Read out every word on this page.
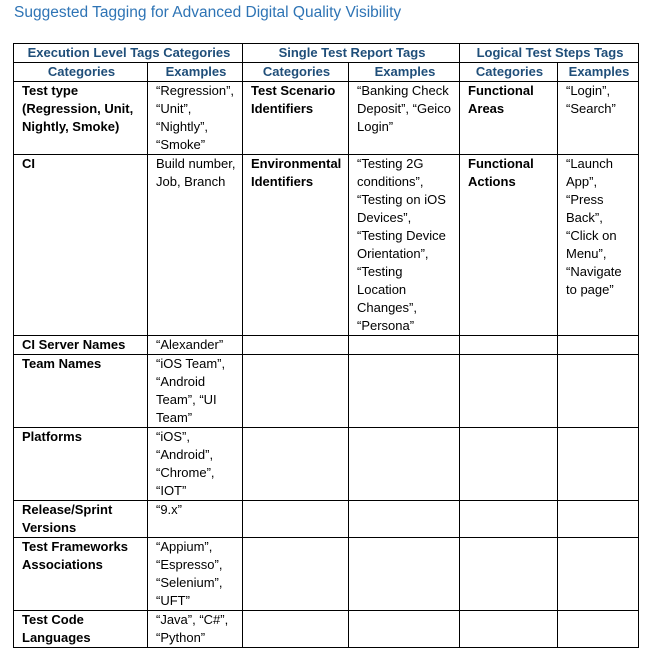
Suggested Tagging for Advanced Digital Quality Visibility
Execution Level Tags Categories		Single Test Report Tags		Logical Test Steps Tags	
Categories	Examples	Categories	Examples	Categories	Examples
Test type (Regression, Unit, Nightly, Smoke)	“Regression”, “Unit”, “Nightly”, “Smoke”	Test Scenario Identifiers	“Banking Check Deposit”, “Geico Login”	Functional Areas	“Login”, “Search”
CI	Build number, Job, Branch	Environmental Identifiers	“Testing 2G conditions”, “Testing on iOS Devices”, “Testing Device Orientation”, “Testing Location Changes”, “Persona”	Functional Actions	“Launch App”, “Press Back”, “Click on Menu”, “Navigate to page”
CI Server Names	“Alexander”				
Team Names	“iOS Team”, “Android Team”, “UI Team”				
Platforms	“iOS”, “Android”, “Chrome”, “IOT”				
Release/Sprint Versions	“9.x”				
Test Frameworks Associations	“Appium”, “Espresso”, “Selenium”, “UFT”				
Test Code Languages	“Java”, “C#”, “Python”				
